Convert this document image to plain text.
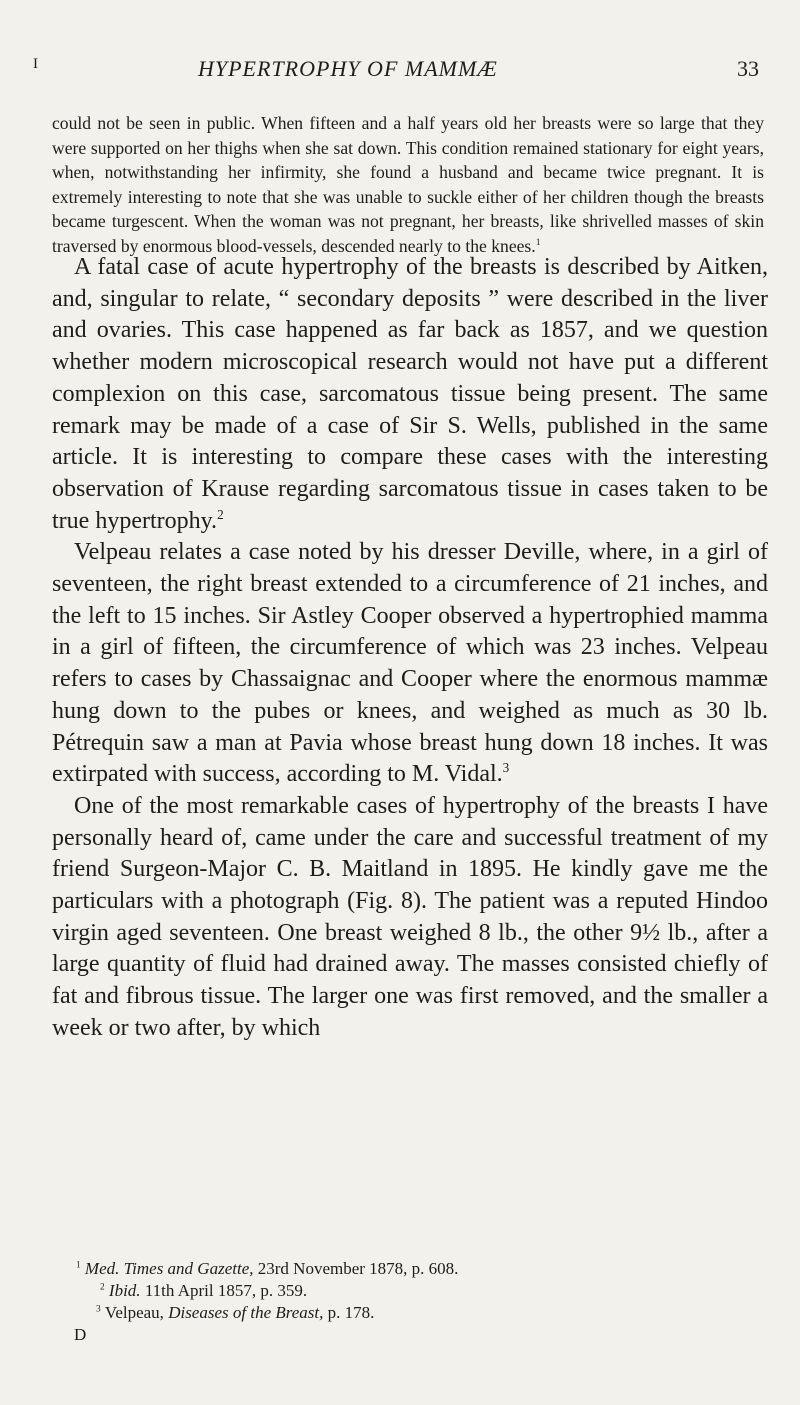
I	HYPERTROPHY OF MAMMÆ	33

could not be seen in public. When fifteen and a half years old her breasts were so large that they were supported on her thighs when she sat down. This condition remained stationary for eight years, when, notwithstanding her infirmity, she found a husband and became twice pregnant. It is extremely interesting to note that she was unable to suckle either of her children though the breasts became turgescent. When the woman was not pregnant, her breasts, like shrivelled masses of skin traversed by enormous blood-vessels, descended nearly to the knees.$^1$

A fatal case of acute hypertrophy of the breasts is described by Aitken, and, singular to relate, “ secondary deposits ” were described in the liver and ovaries. This case happened as far back as 1857, and we question whether modern microscopical research would not have put a different complexion on this case, sarcomatous tissue being present. The same remark may be made of a case of Sir S. Wells, published in the same article. It is interesting to compare these cases with the interesting observation of Krause regarding sarcomatous tissue in cases taken to be true hypertrophy.$^2$

Velpeau relates a case noted by his dresser Deville, where, in a girl of seventeen, the right breast extended to a circumference of 21 inches, and the left to 15 inches. Sir Astley Cooper observed a hypertrophied mamma in a girl of fifteen, the circumference of which was 23 inches. Velpeau refers to cases by Chassaignac and Cooper where the enormous mammæ hung down to the pubes or knees, and weighed as much as 30 lb. Pétrequin saw a man at Pavia whose breast hung down 18 inches. It was extirpated with success, according to M. Vidal.$^3$

One of the most remarkable cases of hypertrophy of the breasts I have personally heard of, came under the care and successful treatment of my friend Surgeon-Major C. B. Maitland in 1895. He kindly gave me the particulars with a photograph (Fig. 8). The patient was a reputed Hindoo virgin aged seventeen. One breast weighed 8 lb., the other 9½ lb., after a large quantity of fluid had drained away. The masses consisted chiefly of fat and fibrous tissue. The larger one was first removed, and the smaller a week or two after, by which

$^1$ Med. Times and Gazette, 23rd November 1878, p. 608.

$^2$ Ibid. 11th April 1857, p. 359.

$^3$ Velpeau, Diseases of the Breast, p. 178.

D
